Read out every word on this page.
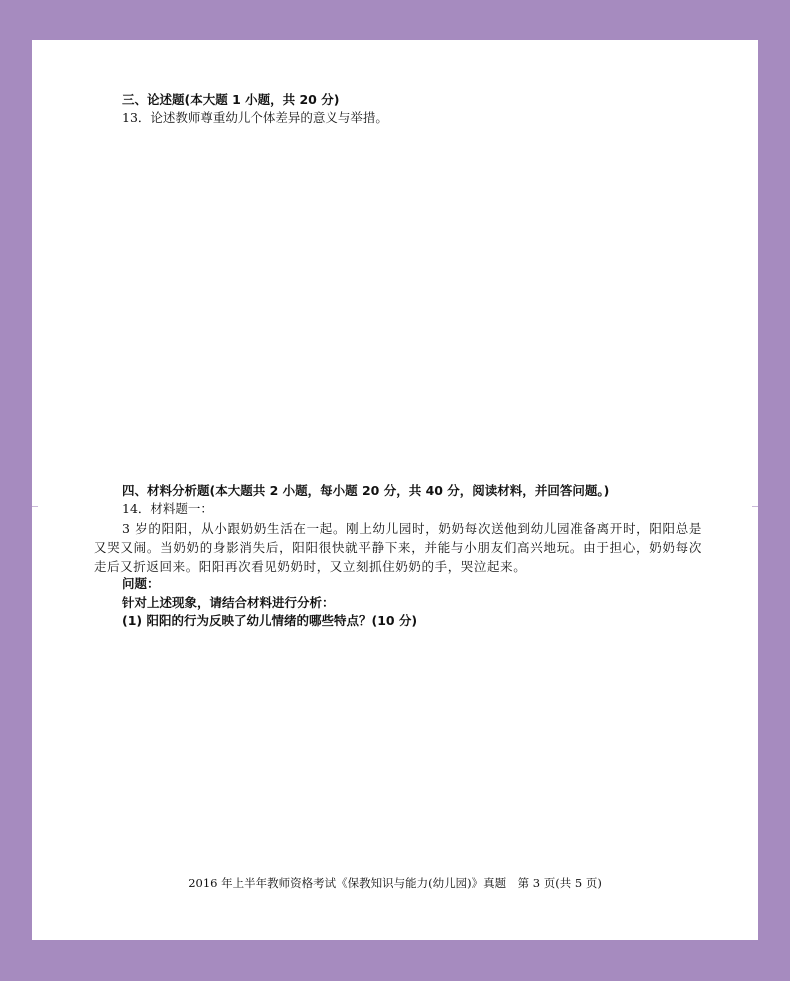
三、论述题(本大题 1 小题，共 20 分)
13．论述教师尊重幼儿个体差异的意义与举措。
四、材料分析题(本大题共 2 小题，每小题 20 分，共 40 分，阅读材料，并回答问题。)
14．材料题一：
3 岁的阳阳，从小跟奶奶生活在一起。刚上幼儿园时，奶奶每次送他到幼儿园准备离开时，阳阳总是又哭又闹。当奶奶的身影消失后，阳阳很快就平静下来，并能与小朋友们高兴地玩。由于担心，奶奶每次走后又折返回来。阳阳再次看见奶奶时，又立刻抓住奶奶的手，哭泣起来。
问题：
针对上述现象，请结合材料进行分析：
(1) 阳阳的行为反映了幼儿情绪的哪些特点？(10 分)
2016 年上半年教师资格考试《保教知识与能力(幼儿园)》真题　第 3 页(共 5 页)
